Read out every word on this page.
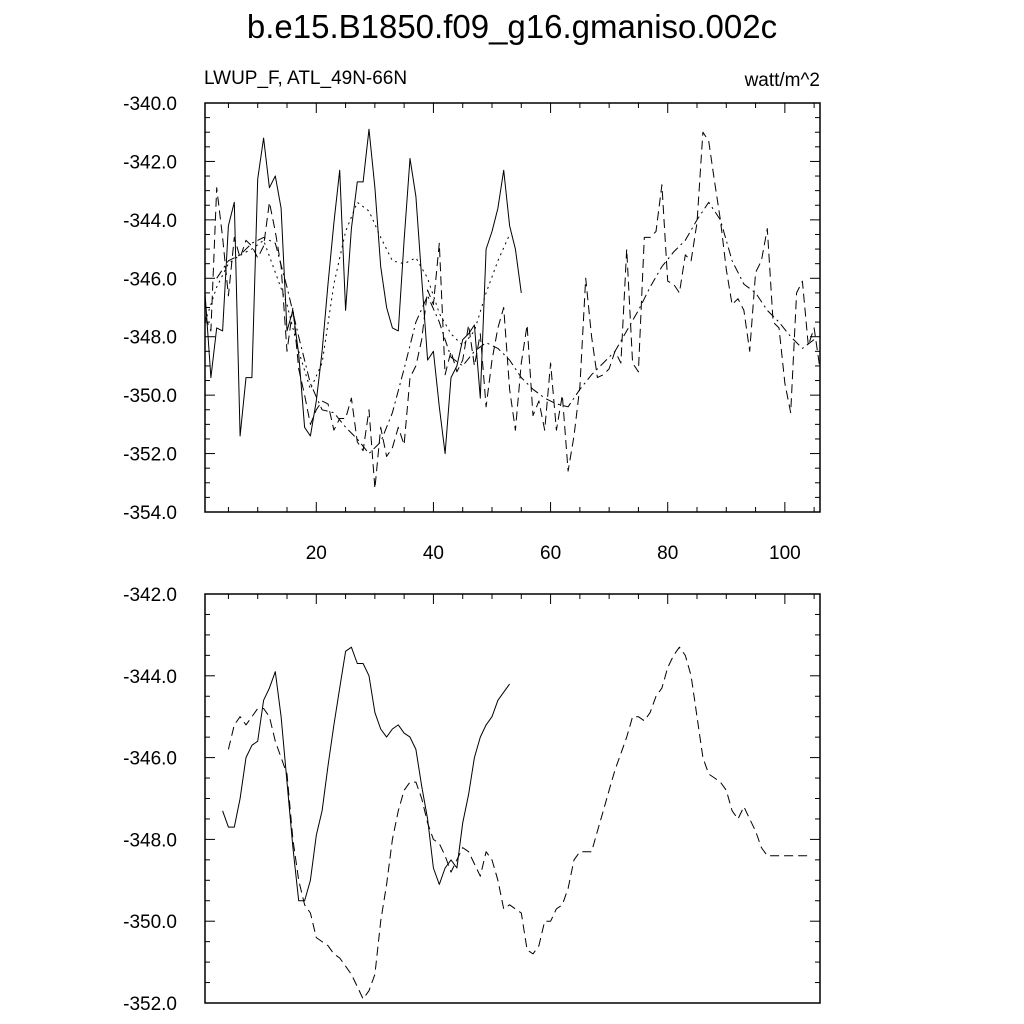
b.e15.B1850.f09_g16.gmaniso.002c
LWUP_F, ATL_49N-66N	watt/m^2
-354.0
-352.0
-350.0
-348.0
-346.0
-344.0
-342.0
-340.0
20	40	60	80	100
-352.0
-350.0
-348.0
-346.0
-344.0
-342.0
